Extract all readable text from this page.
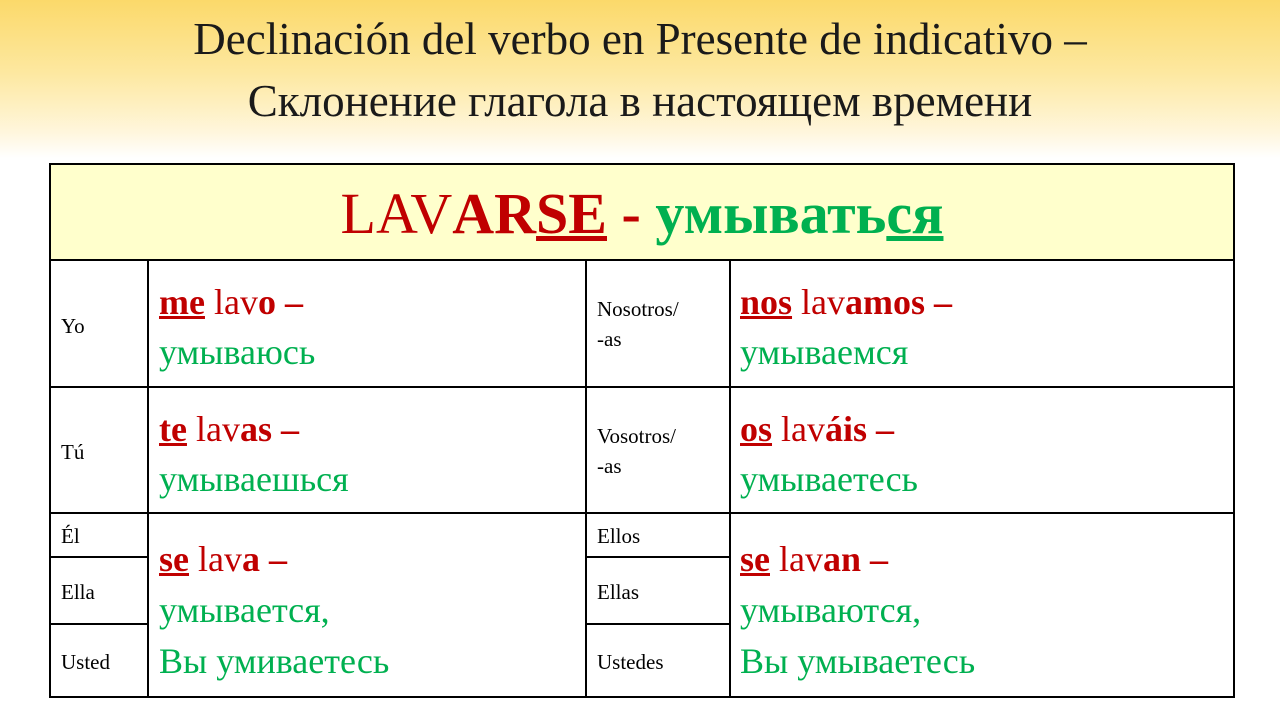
Declinación del verbo en Presente de indicativo –
Склонение глагола в настоящем времени
LAVARSE - умываться
Yo
me lavo –
умываюсь
Nosotros/
-as
nos lavamos –
умываемся
Tú
te lavas –
умываешься
Vosotros/
-as
os laváis –
умываетесь
Él
Ella
Usted
se lava –
умывается,
Вы умиваетесь
Ellos
Ellas
Ustedes
se lavan –
умываются,
Вы умываетесь
